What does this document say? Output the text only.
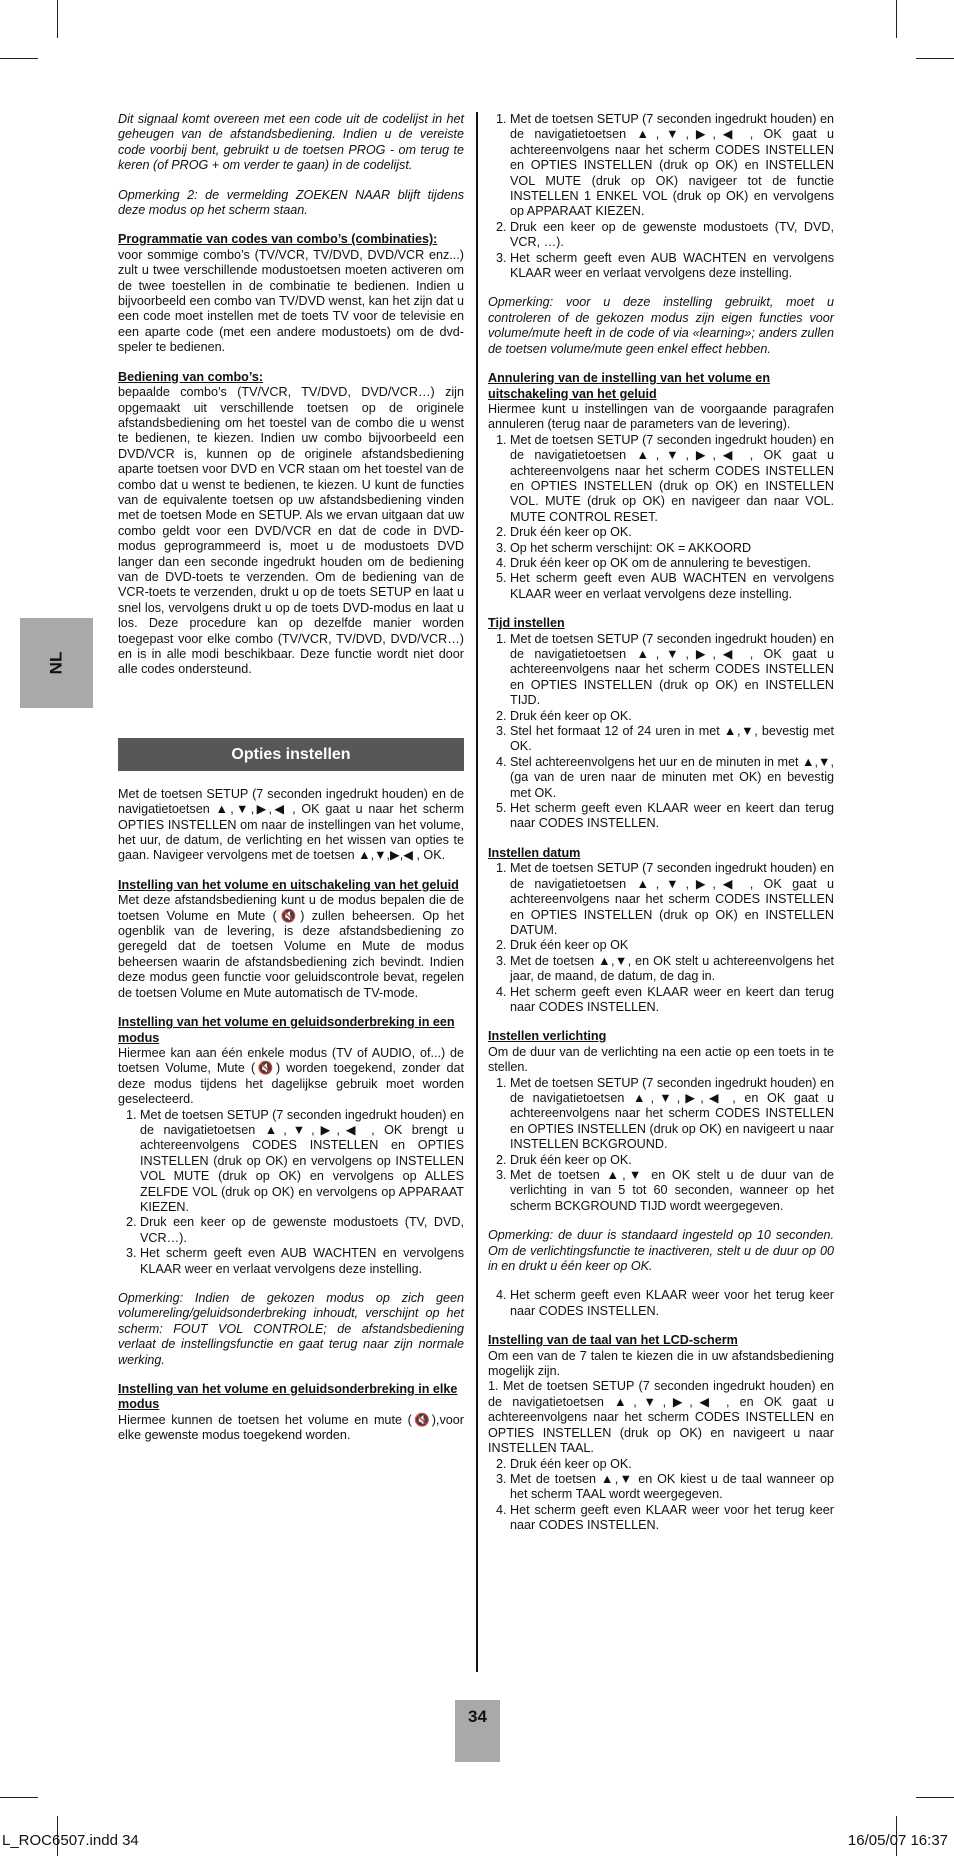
NL

Dit signaal komt overeen met een code uit de codelijst in het geheugen van de afstandsbediening. Indien u de vereiste code voorbij bent, gebruikt u de toetsen PROG - om terug te keren (of PROG + om verder te gaan) in de codelijst.

Opmerking 2: de vermelding ZOEKEN NAAR blijft tijdens deze modus op het scherm staan.

Programmatie van codes van combo’s (combinaties):

voor sommige combo’s (TV/VCR, TV/DVD, DVD/VCR enz...) zult u twee verschillende modustoetsen moeten activeren om de twee toestellen in de combinatie te bedienen. Indien u bijvoorbeeld een combo van TV/DVD wenst, kan het zijn dat u een code moet instellen met de toets TV voor de televisie en een aparte code (met een andere modustoets) om de dvd-speler te bedienen.

Bediening van combo’s:

bepaalde combo’s (TV/VCR, TV/DVD, DVD/VCR…) zijn opgemaakt uit verschillende toetsen op de originele afstandsbediening om het toestel van de combo die u wenst te bedienen, te kiezen. Indien uw combo bijvoorbeeld een DVD/VCR is, kunnen op de originele afstandsbediening aparte toetsen voor DVD en VCR staan om het toestel van de combo dat u wenst te bedienen, te kiezen. U kunt de functies van de equivalente toetsen op uw afstandsbediening vinden met de toetsen Mode en SETUP. Als we ervan uitgaan dat uw combo geldt voor een DVD/VCR en dat de code in DVD-modus geprogrammeerd is, moet u de modustoets DVD langer dan een seconde ingedrukt houden om de bediening van de DVD-toets te verzenden. Om de bediening van de VCR-toets te verzenden, drukt u op de toets SETUP en laat u snel los, vervolgens drukt u op de toets DVD-modus en laat u los. Deze procedure kan op dezelfde manier worden toegepast voor elke combo (TV/VCR, TV/DVD, DVD/VCR…) en is in alle modi beschikbaar. Deze functie wordt niet door alle codes ondersteund.

Opties instellen

Met de toetsen SETUP (7 seconden ingedrukt houden) en de navigatietoetsen ▲,▼,▶,◀ , OK gaat u naar het scherm OPTIES INSTELLEN om naar de instellingen van het volume, het uur, de datum, de verlichting en het wissen van opties te gaan. Navigeer vervolgens met de toetsen ▲,▼,▶,◀ , OK.

Instelling van het volume en uitschakeling van het geluid

Met deze afstandsbediening kunt u de modus bepalen die de toetsen Volume en Mute (🔇) zullen beheersen. Op het ogenblik van de levering, is deze afstandsbediening zo geregeld dat de toetsen Volume en Mute de modus beheersen waarin de afstandsbediening zich bevindt. Indien deze modus geen functie voor geluidscontrole bevat, regelen de toetsen Volume en Mute automatisch de TV-mode.

Instelling van het volume en geluidsonderbreking in een modus

Hiermee kan aan één enkele modus (TV of AUDIO, of...) de toetsen Volume, Mute (🔇) worden toegekend, zonder dat deze modus tijdens het dagelijkse gebruik moet worden geselecteerd.

1. Met de toetsen SETUP (7 seconden ingedrukt houden) en de navigatietoetsen ▲,▼,▶,◀ , OK brengt u achtereenvolgens CODES INSTELLEN en OPTIES INSTELLEN (druk op OK) en vervolgens op INSTELLEN VOL MUTE (druk op OK) en vervolgens op ALLES ZELFDE VOL (druk op OK) en vervolgens op APPARAAT KIEZEN.
2. Druk een keer op de gewenste modustoets (TV, DVD, VCR…).
3. Het scherm geeft even AUB WACHTEN en vervolgens KLAAR weer en verlaat vervolgens deze instelling.

Opmerking: Indien de gekozen modus op zich geen volumereling/geluidsonderbreking inhoudt, verschijnt op het scherm: FOUT VOL CONTROLE; de afstandsbediening verlaat de instellingsfunctie en gaat terug naar zijn normale werking.

Instelling van het volume en geluidsonderbreking in elke modus

Hiermee kunnen de toetsen het volume en mute (🔇),voor elke gewenste modus toegekend worden.

1. Met de toetsen SETUP (7 seconden ingedrukt houden) en de navigatietoetsen ▲,▼,▶,◀ , OK gaat u achtereenvolgens naar het scherm CODES INSTELLEN en OPTIES INSTELLEN (druk op OK) en INSTELLEN VOL MUTE (druk op OK) navigeer tot de functie INSTELLEN 1 ENKEL VOL (druk op OK) en vervolgens op APPARAAT KIEZEN.
2. Druk een keer op de gewenste modustoets (TV, DVD, VCR, …).
3. Het scherm geeft even AUB WACHTEN en vervolgens KLAAR weer en verlaat vervolgens deze instelling.

Opmerking: voor u deze instelling gebruikt, moet u controleren of de gekozen modus zijn eigen functies voor volume/mute heeft in de code of via «learning»; anders zullen de toetsen volume/mute geen enkel effect hebben.

Annulering van de instelling van het volume en uitschakeling van het geluid

Hiermee kunt u instellingen van de voorgaande paragrafen annuleren (terug naar de parameters van de levering).

1. Met de toetsen SETUP (7 seconden ingedrukt houden) en de navigatietoetsen ▲,▼,▶,◀ , OK gaat u achtereenvolgens naar het scherm CODES INSTELLEN en OPTIES INSTELLEN (druk op OK) en INSTELLEN VOL. MUTE (druk op OK) en navigeer dan naar VOL. MUTE CONTROL RESET.
2. Druk één keer op OK.
3. Op het scherm verschijnt: OK = AKKOORD
4. Druk één keer op OK om de annulering te bevestigen.
5. Het scherm geeft even AUB WACHTEN en vervolgens KLAAR weer en verlaat vervolgens deze instelling.
Tijd instellen
1. Met de toetsen SETUP (7 seconden ingedrukt houden) en de navigatietoetsen ▲,▼,▶,◀ , OK gaat u achtereenvolgens naar het scherm CODES INSTELLEN en OPTIES INSTELLEN (druk op OK) en INSTELLEN TIJD.
2. Druk één keer op OK.
3. Stel het formaat 12 of 24 uren in met ▲,▼, bevestig met OK.
4. Stel achtereenvolgens het uur en de minuten in met ▲,▼, (ga van de uren naar de minuten met OK) en bevestig met OK.
5. Het scherm geeft even KLAAR weer en keert dan terug naar CODES INSTELLEN.
Instellen datum
1. Met de toetsen SETUP (7 seconden ingedrukt houden) en de navigatietoetsen ▲,▼,▶,◀ , OK gaat u achtereenvolgens naar het scherm CODES INSTELLEN en OPTIES INSTELLEN (druk op OK) en INSTELLEN DATUM.
2. Druk één keer op OK
3. Met de toetsen ▲,▼, en OK stelt u achtereenvolgens het jaar, de maand, de datum, de dag in.
4. Het scherm geeft even KLAAR weer en keert dan terug naar CODES INSTELLEN.
Instellen verlichting

Om de duur van de verlichting na een actie op een toets in te stellen.

1. Met de toetsen SETUP (7 seconden ingedrukt houden) en de navigatietoetsen ▲,▼,▶,◀ , en OK gaat u achtereenvolgens naar het scherm CODES INSTELLEN en OPTIES INSTELLEN (druk op OK) en navigeert u naar INSTELLEN BCKGROUND.
2. Druk één keer op OK.
3. Met de toetsen ▲,▼ en OK stelt u de duur van de verlichting in van 5 tot 60 seconden, wanneer op het scherm BCKGROUND TIJD wordt weergegeven.

Opmerking: de duur is standaard ingesteld op 10 seconden. Om de verlichtingsfunctie te inactiveren, stelt u de duur op 00 in en drukt u één keer op OK.

4. Het scherm geeft even KLAAR weer voor het terug keer naar CODES INSTELLEN.
Instelling van de taal van het LCD-scherm

Om een van de 7 talen te kiezen die in uw afstandsbediening mogelijk zijn.

1. Met de toetsen SETUP (7 seconden ingedrukt houden) en de navigatietoetsen ▲,▼,▶,◀ , en OK gaat u achtereenvolgens naar het scherm CODES INSTELLEN en OPTIES INSTELLEN (druk op OK) en navigeert u naar INSTELLEN TAAL.

2. Druk één keer op OK.
3. Met de toetsen ▲,▼ en OK kiest u de taal wanneer op het scherm TAAL wordt weergegeven.
4. Het scherm geeft even KLAAR weer voor het terug keer naar CODES INSTELLEN.
34
L_ROC6507.indd 34	16/05/07 16:37
